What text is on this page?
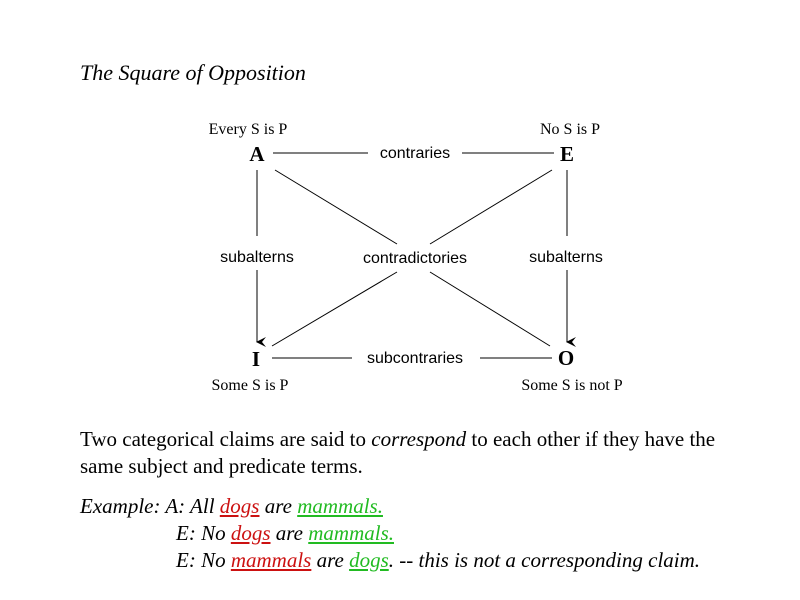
The Square of Opposition
Every S is P	No S is P
Some S is P	Some S is not P
A	E
I	O
contraries
subcontraries
subalterns	subalterns
contradictories
Two categorical claims are said to correspond to each other if they have the same subject and predicate terms.
Example: A: All dogs are mammals.
E: No dogs are mammals.
E: No mammals are dogs. -- this is not a corresponding claim.
